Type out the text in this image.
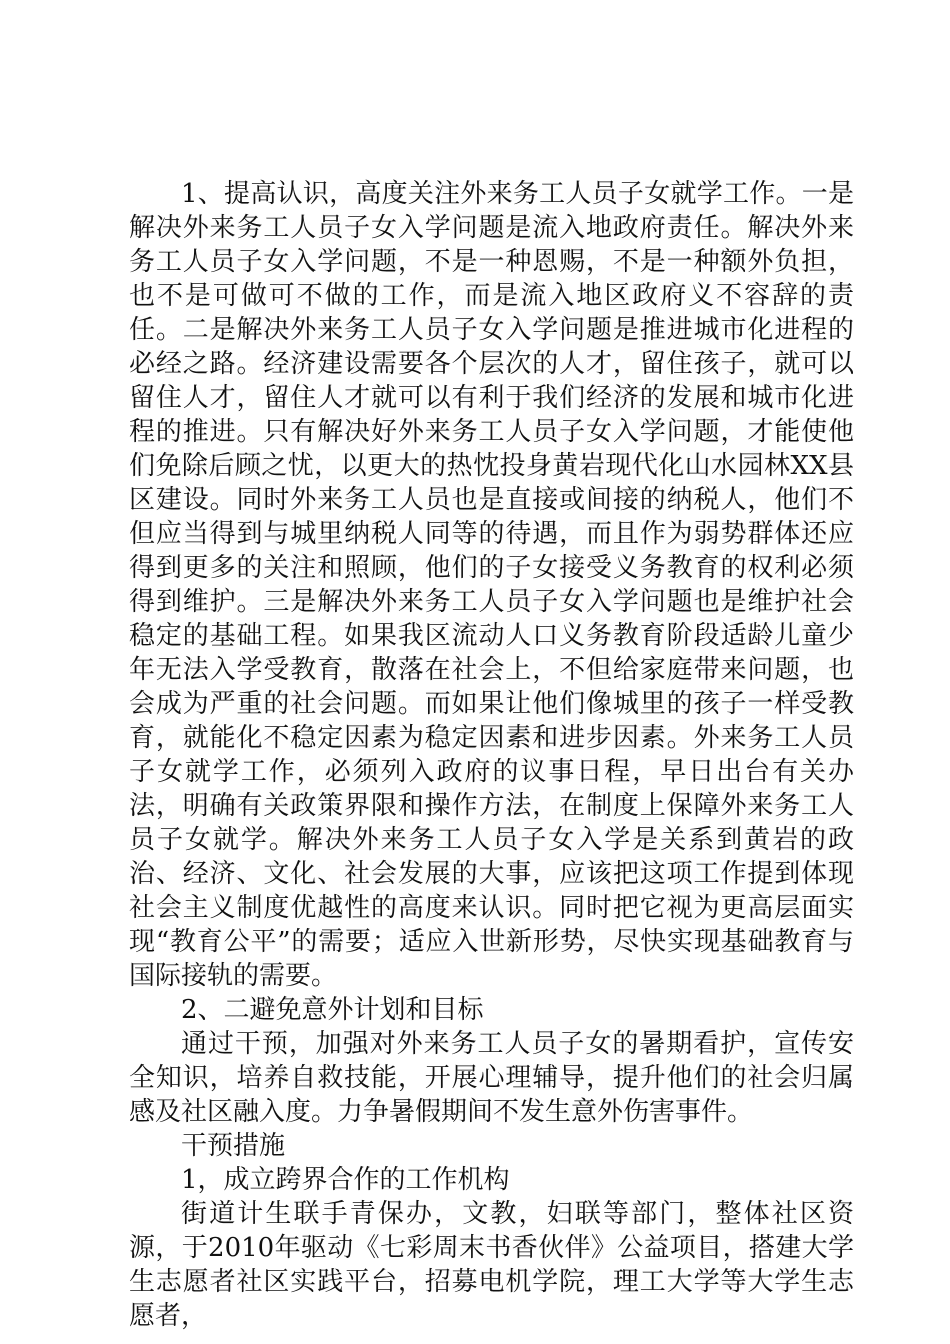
1、提高认识，高度关注外来务工人员子女就学工作。一是解决外来务工人员子女入学问题是流入地政府责任。解决外来务工人员子女入学问题，不是一种恩赐，不是一种额外负担，也不是可做可不做的工作，而是流入地区政府义不容辞的责任。二是解决外来务工人员子女入学问题是推进城市化进程的必经之路。经济建设需要各个层次的人才，留住孩子，就可以留住人才，留住人才就可以有利于我们经济的发展和城市化进程的推进。只有解决好外来务工人员子女入学问题，才能使他们免除后顾之忧，以更大的热忱投身黄岩现代化山水园林XX县区建设。同时外来务工人员也是直接或间接的纳税人，他们不但应当得到与城里纳税人同等的待遇，而且作为弱势群体还应得到更多的关注和照顾，他们的子女接受义务教育的权利必须得到维护。三是解决外来务工人员子女入学问题也是维护社会稳定的基础工程。如果我区流动人口义务教育阶段适龄儿童少年无法入学受教育，散落在社会上，不但给家庭带来问题，也会成为严重的社会问题。而如果让他们像城里的孩子一样受教育，就能化不稳定因素为稳定因素和进步因素。外来务工人员子女就学工作，必须列入政府的议事日程，早日出台有关办法，明确有关政策界限和操作方法，在制度上保障外来务工人员子女就学。解决外来务工人员子女入学是关系到黄岩的政治、经济、文化、社会发展的大事，应该把这项工作提到体现社会主义制度优越性的高度来认识。同时把它视为更高层面实现“教育公平”的需要；适应入世新形势，尽快实现基础教育与国际接轨的需要。

2、二避免意外计划和目标

通过干预，加强对外来务工人员子女的暑期看护，宣传安全知识，培养自救技能，开展心理辅导，提升他们的社会归属感及社区融入度。力争暑假期间不发生意外伤害事件。

干预措施

1，成立跨界合作的工作机构

街道计生联手青保办，文教，妇联等部门，整体社区资源，于2010年驱动《七彩周末书香伙伴》公益项目，搭建大学生志愿者社区实践平台，招募电机学院，理工大学等大学生志愿者，
